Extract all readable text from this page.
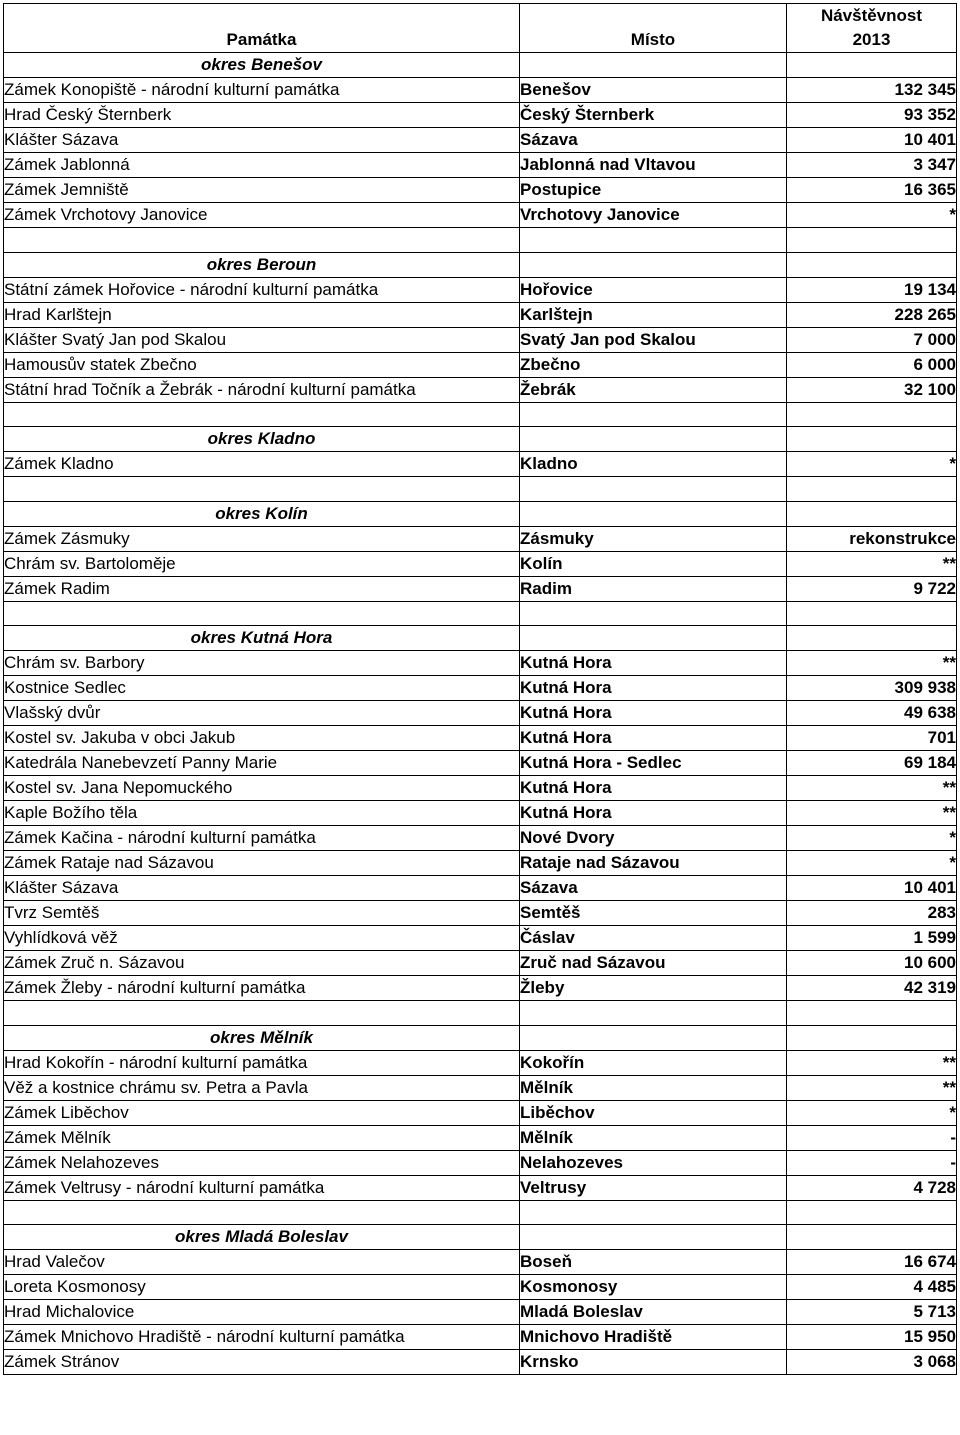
Památka	Místo	Návštěvnost
2013
okres Benešov		
Zámek Konopiště - národní kulturní památka	Benešov	132 345
Hrad Český Šternberk	Český Šternberk	93 352
Klášter Sázava	Sázava	10 401
Zámek Jablonná	Jablonná nad Vltavou	3 347
Zámek Jemniště	Postupice	16 365
Zámek Vrchotovy Janovice	Vrchotovy Janovice	*

okres Beroun		
Státní zámek Hořovice - národní kulturní památka	Hořovice	19 134
Hrad Karlštejn	Karlštejn	228 265
Klášter Svatý Jan pod Skalou	Svatý Jan pod Skalou	7 000
Hamousův statek Zbečno	Zbečno	6 000
Státní hrad Točník a Žebrák - národní kulturní památka	Žebrák	32 100

okres Kladno		
Zámek Kladno	Kladno	*

okres Kolín		
Zámek Zásmuky	Zásmuky	rekonstrukce
Chrám sv. Bartoloměje	Kolín	**
Zámek Radim	Radim	9 722

okres Kutná Hora		
Chrám sv. Barbory	Kutná Hora	**
Kostnice Sedlec	Kutná Hora	309 938
Vlašský dvůr	Kutná Hora	49 638
Kostel sv. Jakuba v obci Jakub	Kutná Hora	701
Katedrála Nanebevzetí Panny Marie	Kutná Hora - Sedlec	69 184
Kostel sv. Jana Nepomuckého	Kutná Hora	**
Kaple Božího těla	Kutná Hora	**
Zámek Kačina - národní kulturní památka	Nové Dvory	*
Zámek Rataje nad Sázavou	Rataje nad Sázavou	*
Klášter Sázava	Sázava	10 401
Tvrz Semtěš	Semtěš	283
Vyhlídková věž	Čáslav	1 599
Zámek Zruč n. Sázavou	Zruč nad Sázavou	10 600
Zámek Žleby - národní kulturní památka	Žleby	42 319

okres Mělník		
Hrad Kokořín - národní kulturní památka	Kokořín	**
Věž a kostnice chrámu sv. Petra a Pavla	Mělník	**
Zámek Liběchov	Liběchov	*
Zámek Mělník	Mělník	-
Zámek Nelahozeves	Nelahozeves	-
Zámek Veltrusy - národní kulturní památka	Veltrusy	4 728

okres Mladá Boleslav		
Hrad Valečov	Boseň	16 674
Loreta Kosmonosy	Kosmonosy	4 485
Hrad Michalovice	Mladá Boleslav	5 713
Zámek Mnichovo Hradiště - národní kulturní památka	Mnichovo Hradiště	15 950
Zámek Stránov	Krnsko	3 068
